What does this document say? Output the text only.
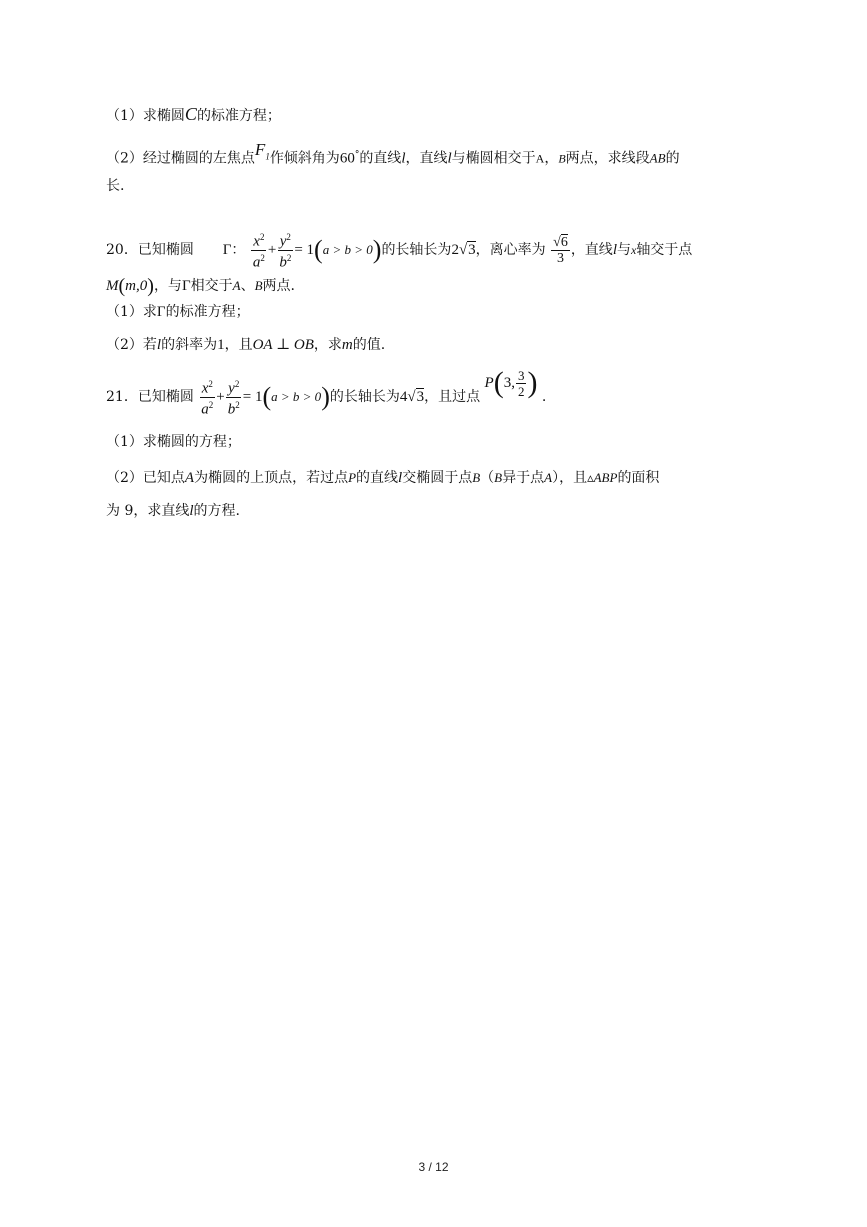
（1）求椭圆C的标准方程；
（2）经过椭圆的左焦点$F_1$作倾斜角为60°的直线l，直线l与椭圆相交于A，B两点，求线段AB的
长.
20．已知椭圆 Γ： $\frac{x^2}{a^2} + \frac{y^2}{b^2} = 1(a > b > 0)$的长轴长为2√3，离心率为 $\frac{√6}{3}$ ，直线l与x轴交于点
M(m,0)，与Γ相交于A、B两点.
（1）求Γ的标准方程；
（2）若l的斜率为1，且OA ⊥ OB，求m的值.
21．已知椭圆 $\frac{x^2}{a^2} + \frac{y^2}{b^2} = 1(a > b > 0)$的长轴长为4√3，且过点 P(3, $\frac{3}{2}$ ) .
（1）求椭圆的方程；
（2）已知点A为椭圆的上顶点，若过点P的直线l交椭圆于点B（B异于点A），且▵ABP的面积
为 9，求直线l的方程.
3 / 12
